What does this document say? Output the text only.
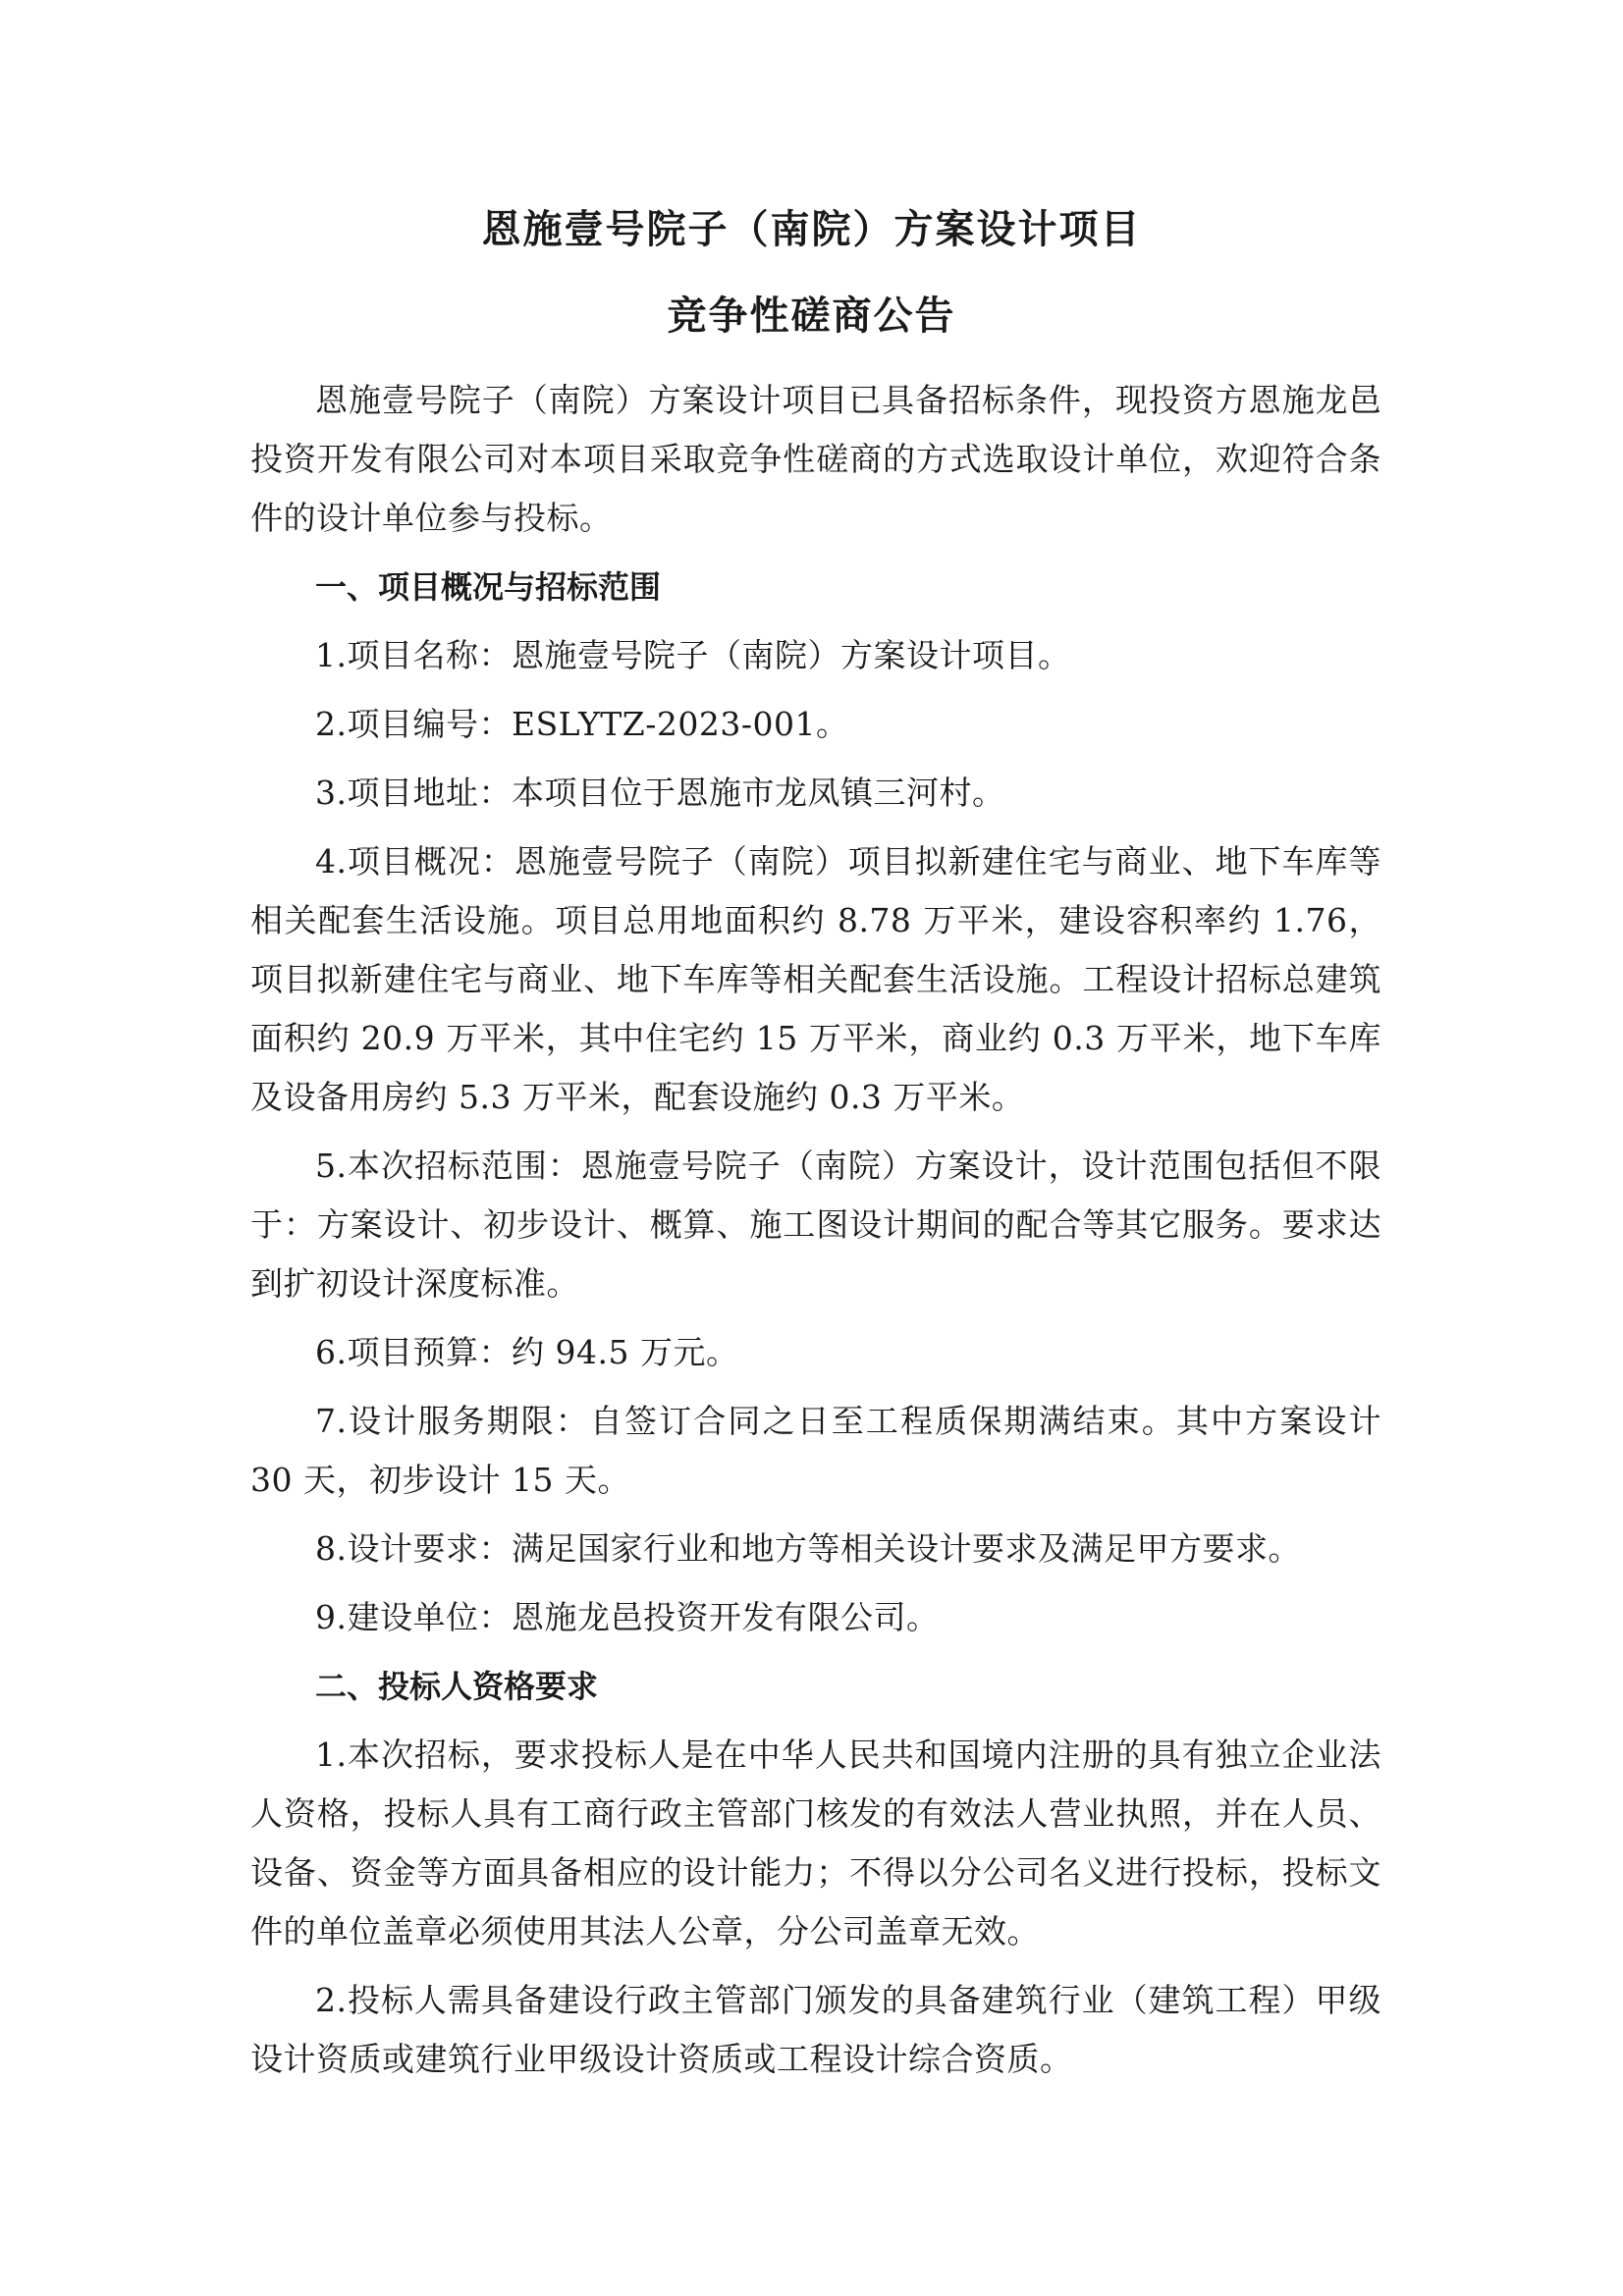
恩施壹号院子（南院）方案设计项目
竞争性磋商公告

恩施壹号院子（南院）方案设计项目已具备招标条件，现投资方恩施龙邑投资开发有限公司对本项目采取竞争性磋商的方式选取设计单位，欢迎符合条件的设计单位参与投标。

一、项目概况与招标范围

1.项目名称：恩施壹号院子（南院）方案设计项目。

2.项目编号：ESLYTZ-2023-001。

3.项目地址：本项目位于恩施市龙凤镇三河村。

4.项目概况：恩施壹号院子（南院）项目拟新建住宅与商业、地下车库等相关配套生活设施。项目总用地面积约 8.78 万平米，建设容积率约 1.76，项目拟新建住宅与商业、地下车库等相关配套生活设施。工程设计招标总建筑面积约 20.9 万平米，其中住宅约 15 万平米，商业约 0.3 万平米，地下车库及设备用房约 5.3 万平米，配套设施约 0.3 万平米。

5.本次招标范围：恩施壹号院子（南院）方案设计，设计范围包括但不限于：方案设计、初步设计、概算、施工图设计期间的配合等其它服务。要求达到扩初设计深度标准。

6.项目预算：约 94.5 万元。

7.设计服务期限：自签订合同之日至工程质保期满结束。其中方案设计 30 天，初步设计 15 天。

8.设计要求：满足国家行业和地方等相关设计要求及满足甲方要求。

9.建设单位：恩施龙邑投资开发有限公司。

二、投标人资格要求

1.本次招标，要求投标人是在中华人民共和国境内注册的具有独立企业法人资格，投标人具有工商行政主管部门核发的有效法人营业执照，并在人员、设备、资金等方面具备相应的设计能力；不得以分公司名义进行投标，投标文件的单位盖章必须使用其法人公章，分公司盖章无效。

2.投标人需具备建设行政主管部门颁发的具备建筑行业（建筑工程）甲级设计资质或建筑行业甲级设计资质或工程设计综合资质。
